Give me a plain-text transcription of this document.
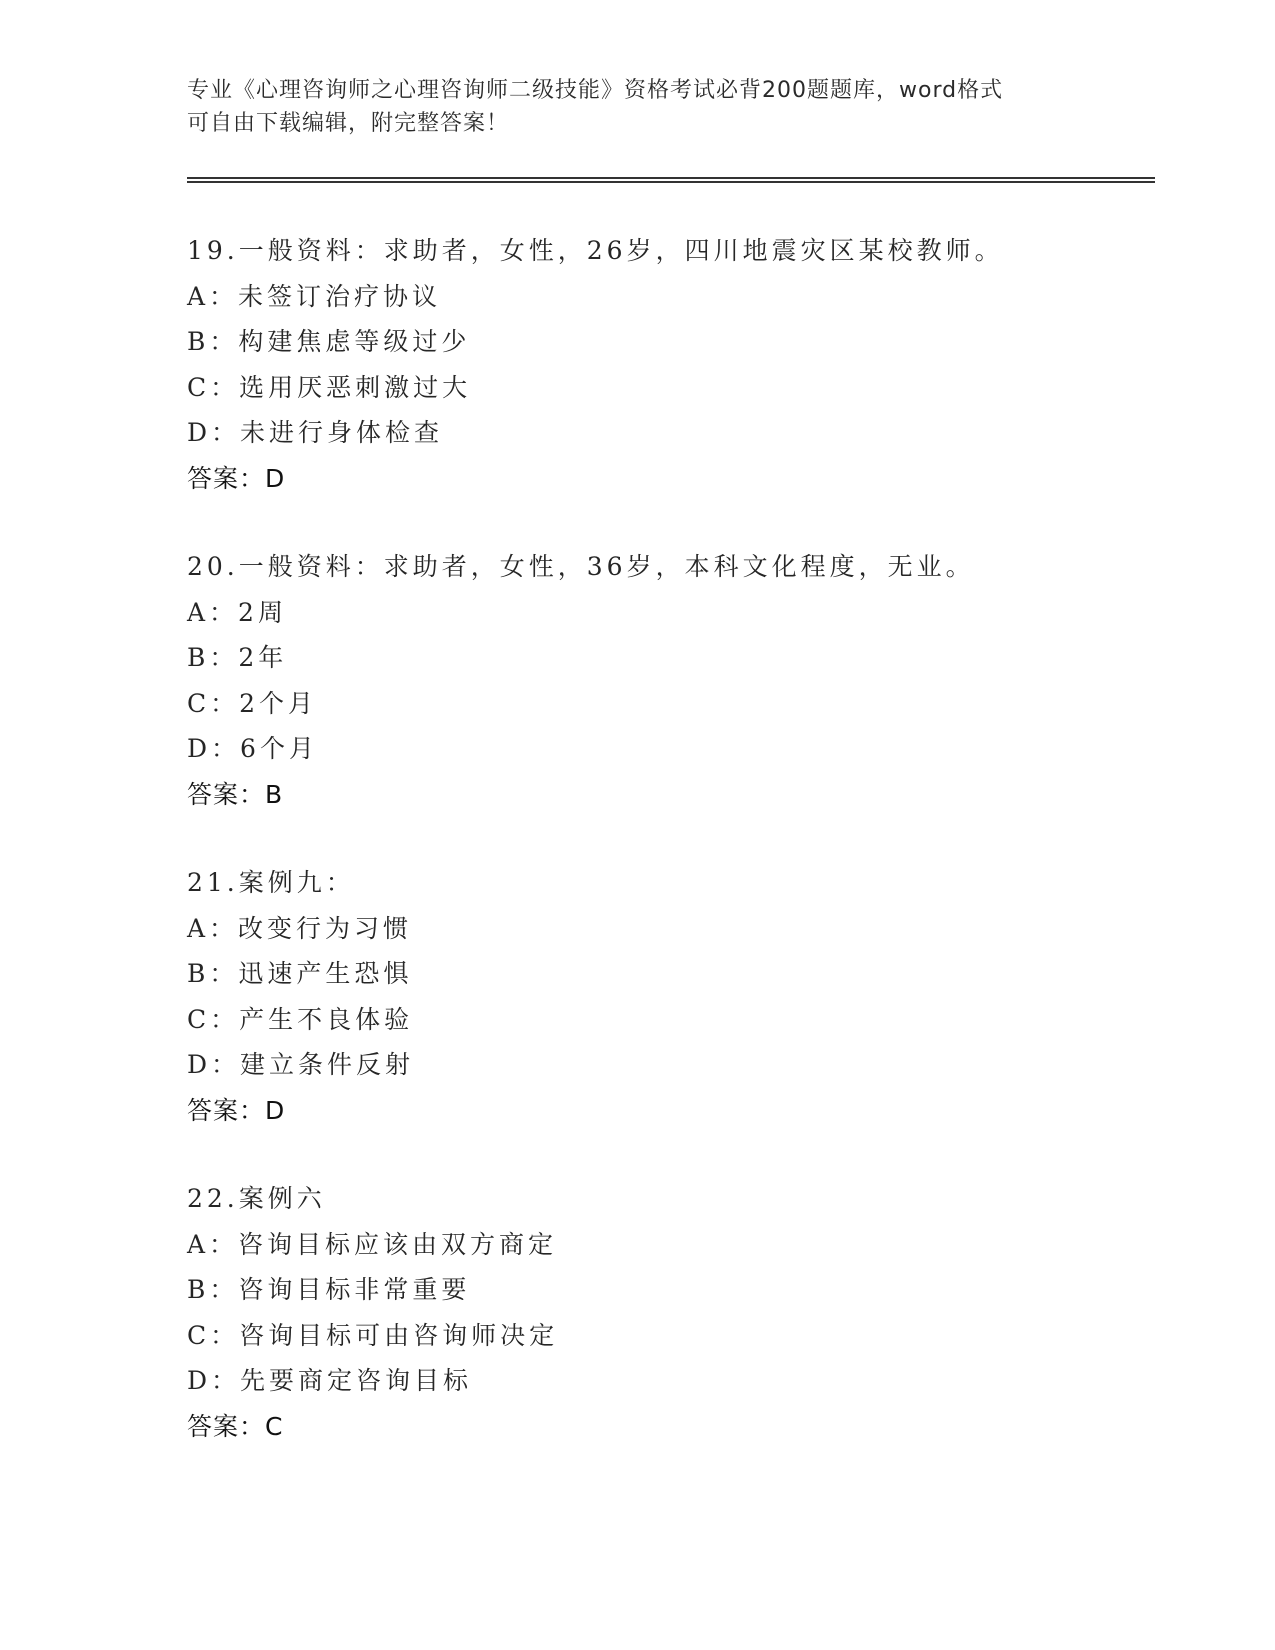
专业《心理咨询师之心理咨询师二级技能》资格考试必背200题题库，word格式
可自由下载编辑，附完整答案！
19.一般资料：求助者，女性，26岁，四川地震灾区某校教师。
A：未签订治疗协议
B：构建焦虑等级过少
C：选用厌恶刺激过大
D：未进行身体检查
答案：D
20.一般资料：求助者，女性，36岁，本科文化程度，无业。
A：2周
B：2年
C：2个月
D：6个月
答案：B
21.案例九：
A：改变行为习惯
B：迅速产生恐惧
C：产生不良体验
D：建立条件反射
答案：D
22.案例六
A：咨询目标应该由双方商定
B：咨询目标非常重要
C：咨询目标可由咨询师决定
D：先要商定咨询目标
答案：C
